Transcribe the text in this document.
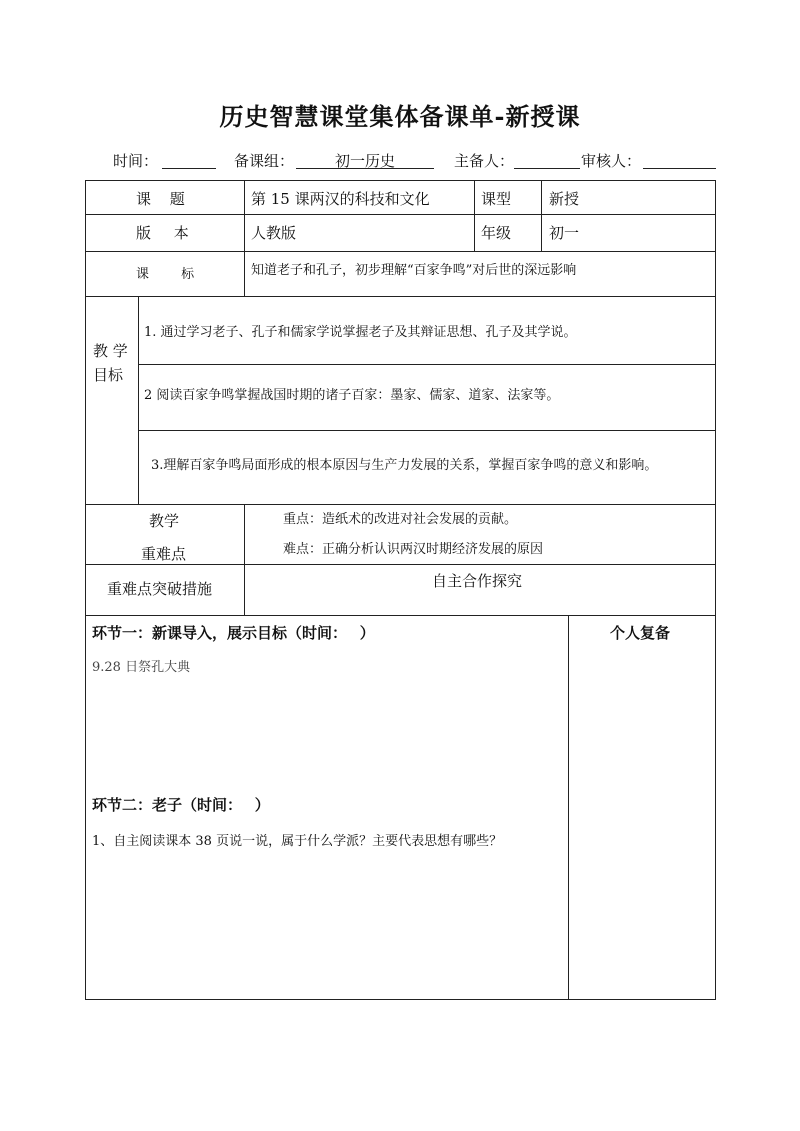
历史智慧课堂集体备课单-新授课
时间：	备课组：	初一历史	主备人：	审核人：
课 题	第 15 课两汉的科技和文化	课型	新授
版 本	人教版	年级	初一
课 标	知道老子和孔子，初步理解“百家争鸣”对后世的深远影响
教 学
目标
1. 通过学习老子、孔子和儒家学说掌握老子及其辩证思想、孔子及其学说。
2 阅读百家争鸣掌握战国时期的诸子百家：墨家、儒家、道家、法家等。
3.理解百家争鸣局面形成的根本原因与生产力发展的关系，掌握百家争鸣的意义和影响。
教学
重难点
重点：造纸术的改进对社会发展的贡献。
难点：正确分析认识两汉时期经济发展的原因
重难点突破措施	自主合作探究
环节一：新课导入，展示目标（时间：　 ）	个人复备
9.28 日祭孔大典
环节二：老子（时间：　 ）
1、自主阅读课本 38 页说一说，属于什么学派？主要代表思想有哪些？
